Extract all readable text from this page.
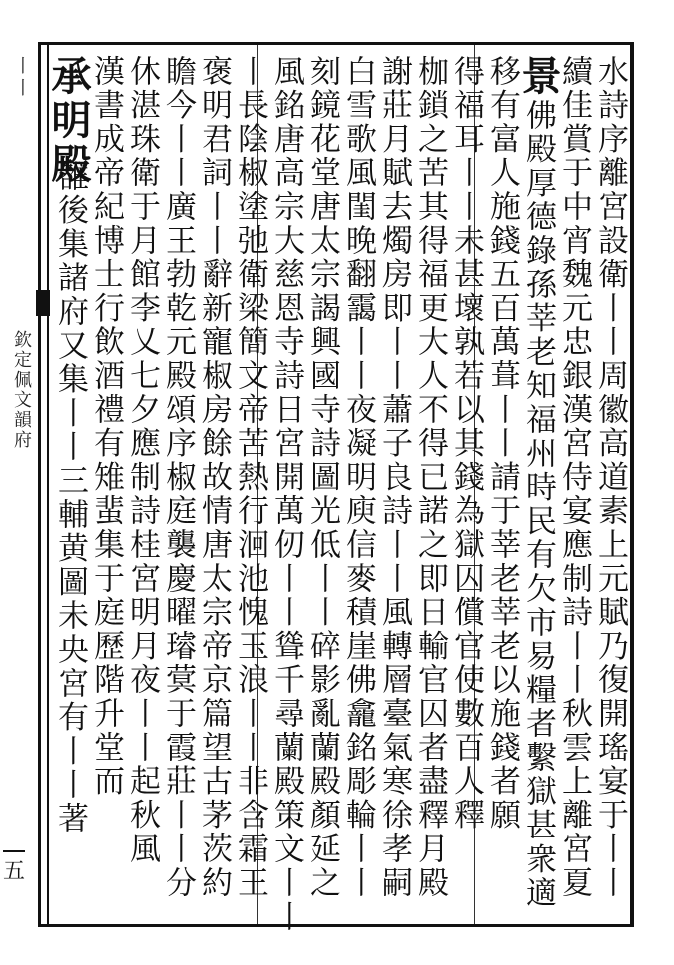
丨丨
欽定佩文韻府
五	水詩序離宮設衛丨丨周徽高道素上元賦乃復開瑤宴于丨丨
續佳賞于中宵魏元忠銀漢宮侍宴應制詩丨丨秋雲上離宮夏
景佛殿厚德錄孫莘老知福州時民有欠市易糧者繫獄甚衆適
移有富人施錢五百萬葺丨丨請于莘老莘老以施錢者願
得福耳丨丨未甚壞孰若以其錢為獄囚償官使數百人釋
枷鎖之苦其得福更大人不得已諾之即日輸官囚者盡釋月殿
謝莊月賦去燭房即丨丨蕭子良詩丨丨風轉層臺氣寒徐孝嗣
白雪歌風閨晚翻靄丨丨夜凝明庾信麥積崖佛龕銘彫輪丨丨
刻鏡花堂唐太宗謁興國寺詩圖光低丨丨碎影亂蘭殿顏延之
風銘唐高宗大慈恩寺詩日宮開萬仞丨丨聳千尋蘭殿策文丨丨
丨長陰椒塗弛衛梁簡文帝苦熱行洄池愧玉浪丨丨非含霜王
褒明君詞丨丨辭新寵椒房餘故情唐太宗帝京篇望古茅茨約
瞻今丨丨廣王勃乾元殿頌序椒庭襲慶曜璿蓂于霞莊丨丨分
休湛珠衛于月館李乂七夕應制詩桂宮明月夜丨丨起秋風
漢書成帝紀博士行飲酒禮有雉蜚集于庭歷階升堂而
承明殿
雒後集諸府又集丨丨三輔黄圖未央宮有丨丨著
